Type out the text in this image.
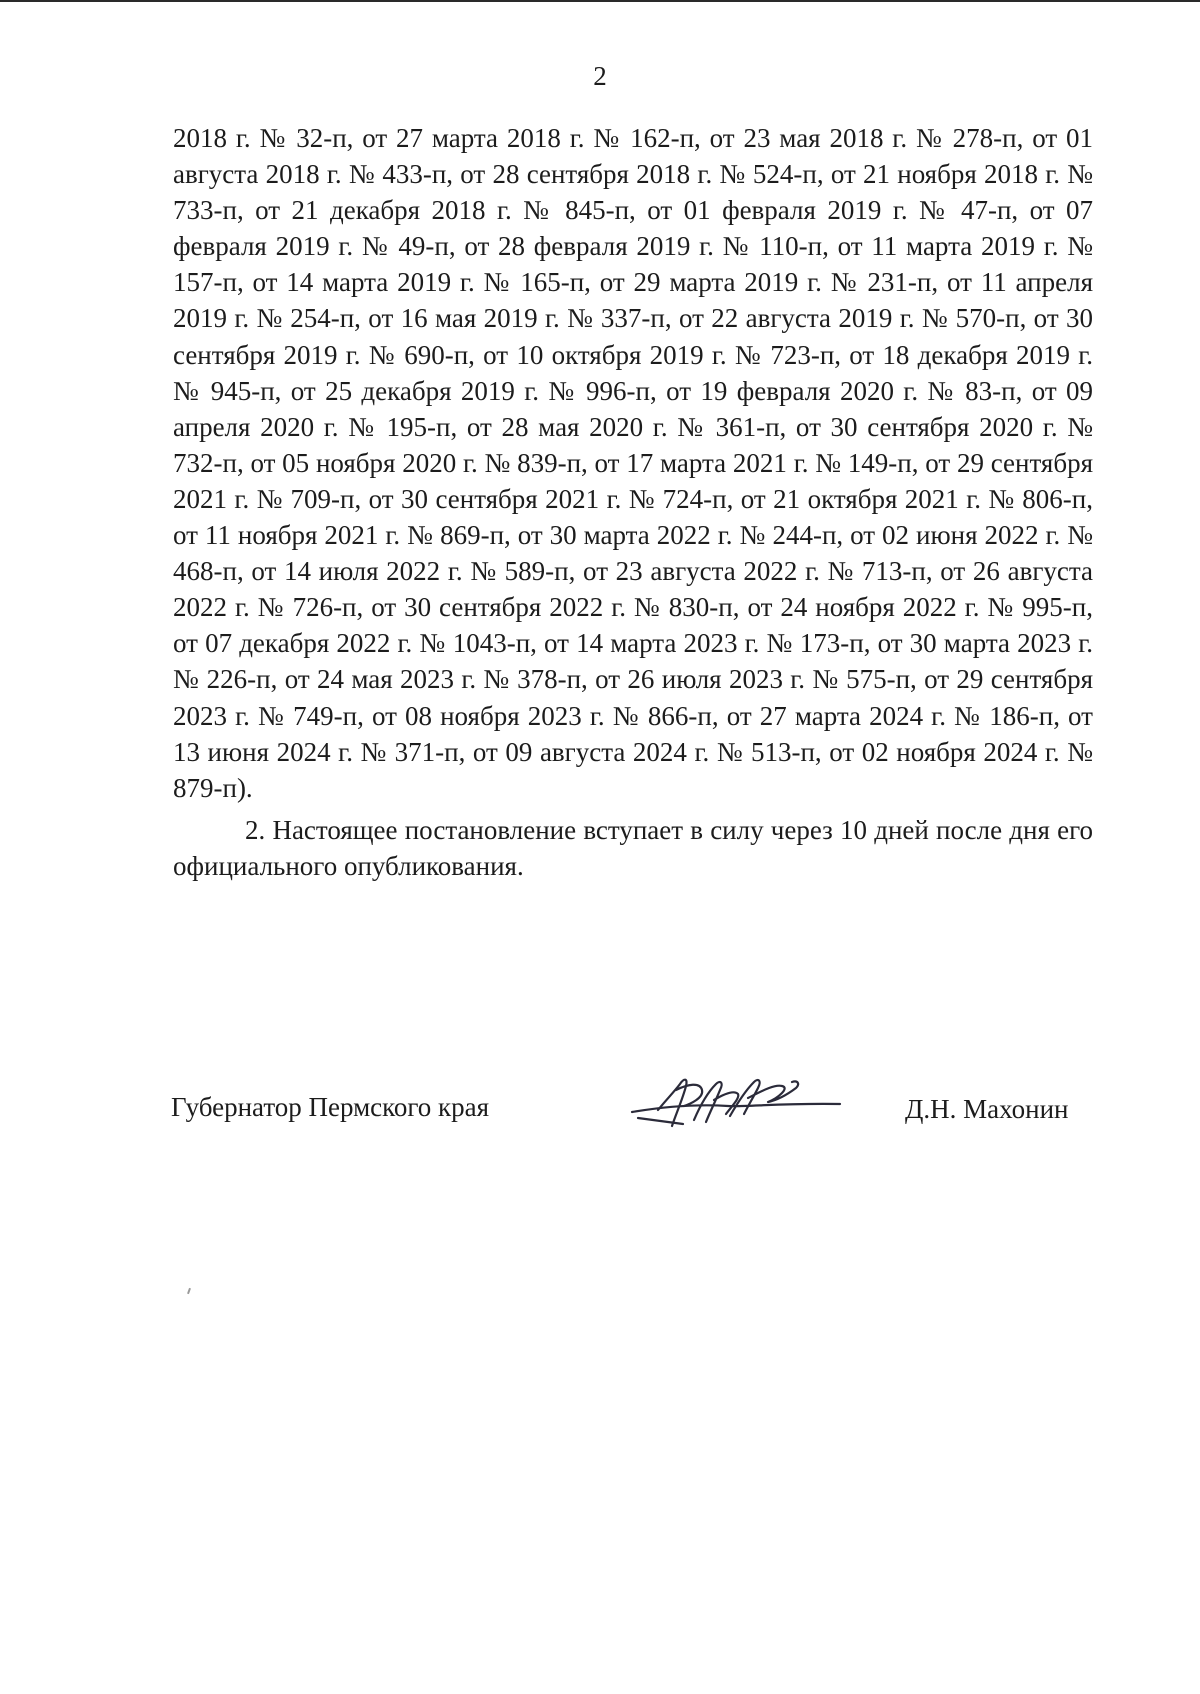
2

2018 г. № 32-п, от 27 марта 2018 г. № 162-п, от 23 мая 2018 г. № 278-п, от 01 августа 2018 г. № 433-п, от 28 сентября 2018 г. № 524-п, от 21 ноября 2018 г. № 733-п, от 21 декабря 2018 г. № 845-п, от 01 февраля 2019 г. № 47-п, от 07 февраля 2019 г. № 49-п, от 28 февраля 2019 г. № 110-п, от 11 марта 2019 г. № 157-п, от 14 марта 2019 г. № 165-п, от 29 марта 2019 г. № 231-п, от 11 апреля 2019 г. № 254-п, от 16 мая 2019 г. № 337-п, от 22 августа 2019 г. № 570-п, от 30 сентября 2019 г. № 690-п, от 10 октября 2019 г. № 723-п, от 18 декабря 2019 г. № 945-п, от 25 декабря 2019 г. № 996-п, от 19 февраля 2020 г. № 83-п, от 09 апреля 2020 г. № 195-п, от 28 мая 2020 г. № 361-п, от 30 сентября 2020 г. № 732-п, от 05 ноября 2020 г. № 839-п, от 17 марта 2021 г. № 149-п, от 29 сентября 2021 г. № 709-п, от 30 сентября 2021 г. № 724-п, от 21 октября 2021 г. № 806-п, от 11 ноября 2021 г. № 869-п, от 30 марта 2022 г. № 244-п, от 02 июня 2022 г. № 468-п, от 14 июля 2022 г. № 589-п, от 23 августа 2022 г. № 713-п, от 26 августа 2022 г. № 726-п, от 30 сентября 2022 г. № 830-п, от 24 ноября 2022 г. № 995-п, от 07 декабря 2022 г. № 1043-п, от 14 марта 2023 г. № 173-п, от 30 марта 2023 г. № 226-п, от 24 мая 2023 г. № 378-п, от 26 июля 2023 г. № 575-п, от 29 сентября 2023 г. № 749-п, от 08 ноября 2023 г. № 866-п, от 27 марта 2024 г. № 186-п, от 13 июня 2024 г. № 371-п, от 09 августа 2024 г. № 513-п, от 02 ноября 2024 г. № 879-п).

2. Настоящее постановление вступает в силу через 10 дней после дня его официального опубликования.

Губернатор Пермского края	Д.Н. Махонин
